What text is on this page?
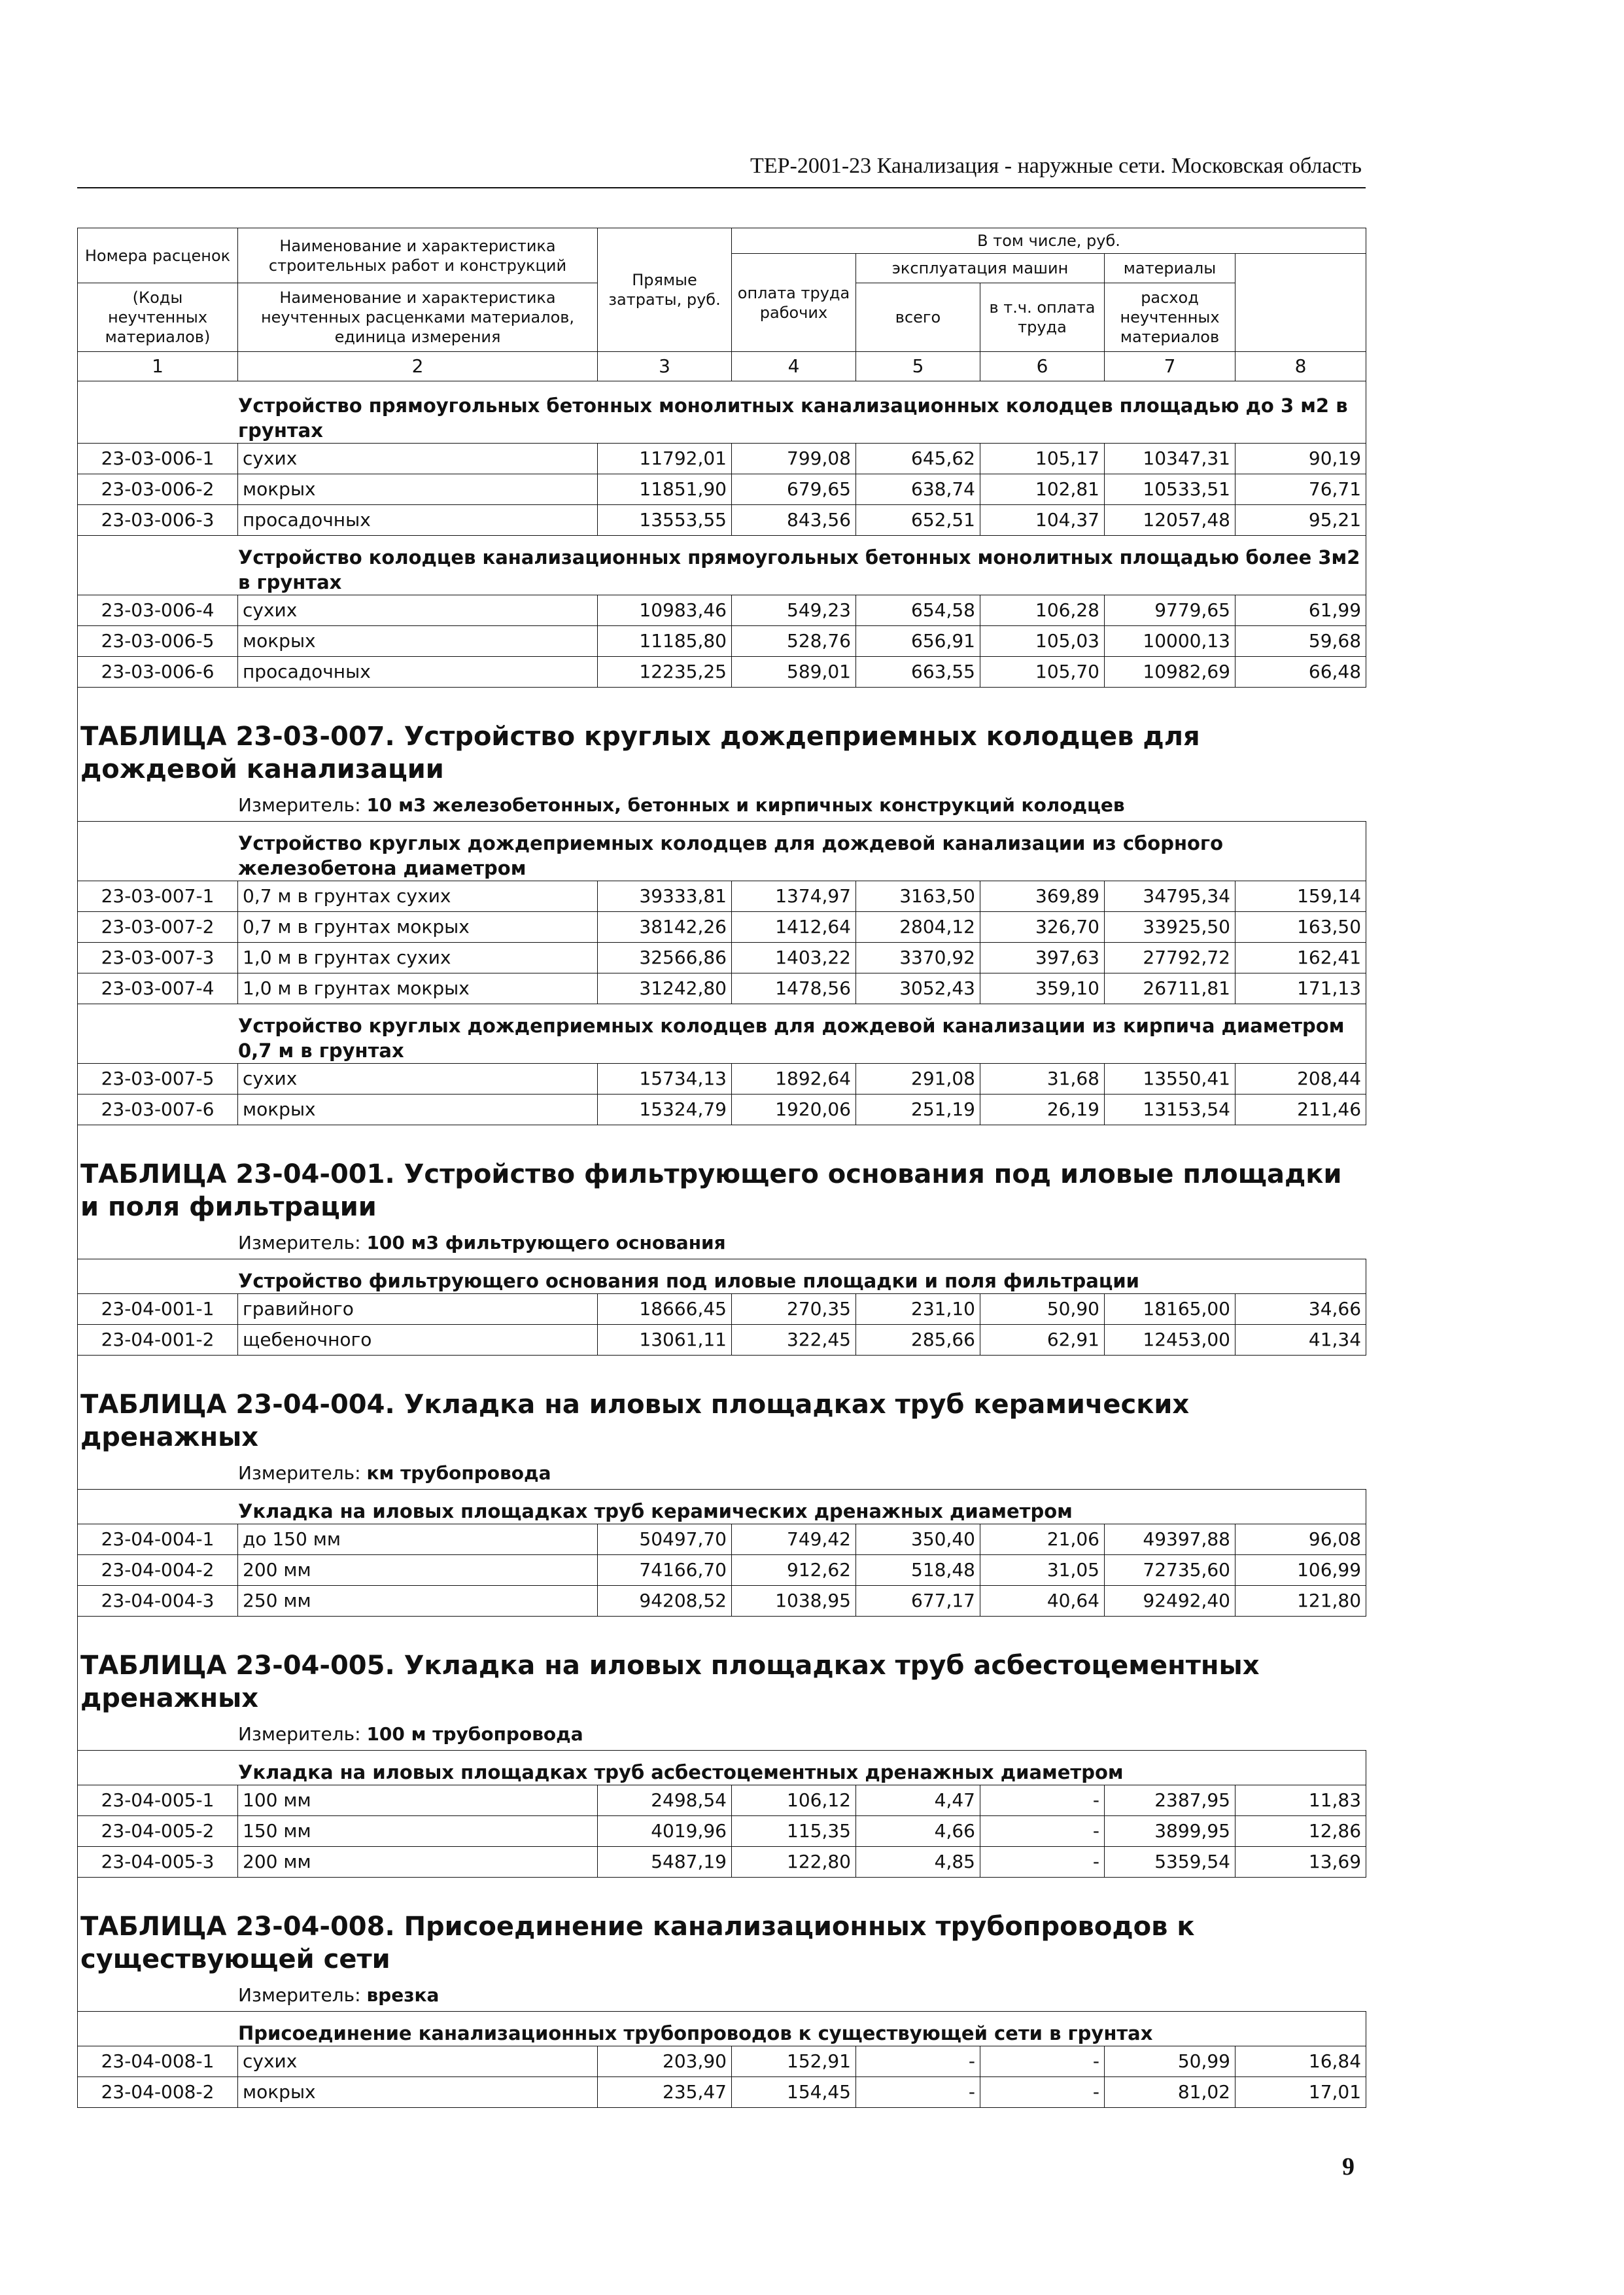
ТЕР-2001-23 Канализация - наружные сети. Московская область
Номера расценок	Наименование и характеристика строительных работ и конструкций	Прямые затраты, руб.	В том числе, руб.	
			оплата труда рабочих	эксплуатация машин		материалы		
(Коды неучтенных материалов)	Наименование и характеристика неучтенных расценками материалов, единица измерения			всего	в т.ч. оплата труда	расход неучтенных материалов		

1	2	3	4	5	6	7	8	
Устройство прямоугольных бетонных монолитных канализационных колодцев площадью до 3 м2 в грунтах								
23-03-006-1	сухих	11792,01	799,08	645,62	105,17	10347,31	90,19	
23-03-006-2	мокрых	11851,90	679,65	638,74	102,81	10533,51	76,71	
23-03-006-3	просадочных	13553,55	843,56	652,51	104,37	12057,48	95,21	
Устройство колодцев канализационных прямоугольных бетонных монолитных площадью более 3м2 в грунтах								
23-03-006-4	сухих	10983,46	549,23	654,58	106,28	9779,65	61,99	
23-03-006-5	мокрых	11185,80	528,76	656,91	105,03	10000,13	59,68	
23-03-006-6	просадочных	12235,25	589,01	663,55	105,70	10982,69	66,48	
ТАБЛИЦА 23-03-007. Устройство круглых дождеприемных колодцев для дождевой канализации								
Измеритель: 10 м3 железобетонных, бетонных и кирпичных конструкций колодцев								
Устройство круглых дождеприемных колодцев для дождевой канализации из сборного железобетона диаметром								
23-03-007-1	0,7 м в грунтах сухих	39333,81	1374,97	3163,50	369,89	34795,34	159,14	
23-03-007-2	0,7 м в грунтах мокрых	38142,26	1412,64	2804,12	326,70	33925,50	163,50	
23-03-007-3	1,0 м в грунтах сухих	32566,86	1403,22	3370,92	397,63	27792,72	162,41	
23-03-007-4	1,0 м в грунтах мокрых	31242,80	1478,56	3052,43	359,10	26711,81	171,13	
Устройство круглых дождеприемных колодцев для дождевой канализации из кирпича диаметром 0,7 м в грунтах								
23-03-007-5	сухих	15734,13	1892,64	291,08	31,68	13550,41	208,44	
23-03-007-6	мокрых	15324,79	1920,06	251,19	26,19	13153,54	211,46	
ТАБЛИЦА 23-04-001. Устройство фильтрующего основания под иловые площадки и поля фильтрации								
Измеритель: 100 м3 фильтрующего основания								
Устройство фильтрующего основания под иловые площадки и поля фильтрации								
23-04-001-1	гравийного	18666,45	270,35	231,10	50,90	18165,00	34,66	
23-04-001-2	щебеночного	13061,11	322,45	285,66	62,91	12453,00	41,34	
ТАБЛИЦА 23-04-004. Укладка на иловых площадках труб керамических дренажных								
Измеритель: км трубопровода								
Укладка на иловых площадках труб керамических дренажных диаметром								
23-04-004-1	до 150 мм	50497,70	749,42	350,40	21,06	49397,88	96,08	
23-04-004-2	200 мм	74166,70	912,62	518,48	31,05	72735,60	106,99	
23-04-004-3	250 мм	94208,52	1038,95	677,17	40,64	92492,40	121,80	
ТАБЛИЦА 23-04-005. Укладка на иловых площадках труб асбестоцементных дренажных								
Измеритель: 100 м трубопровода								
Укладка на иловых площадках труб асбестоцементных дренажных диаметром								
23-04-005-1	100 мм	2498,54	106,12	4,47	-	2387,95	11,83	
23-04-005-2	150 мм	4019,96	115,35	4,66	-	3899,95	12,86	
23-04-005-3	200 мм	5487,19	122,80	4,85	-	5359,54	13,69	
ТАБЛИЦА 23-04-008. Присоединение канализационных трубопроводов к существующей сети								
Измеритель: врезка								
Присоединение канализационных трубопроводов к существующей сети в грунтах								
23-04-008-1	сухих	203,90	152,91	-	-	50,99	16,84	
23-04-008-2	мокрых	235,47	154,45	-	-	81,02	17,01	
9
